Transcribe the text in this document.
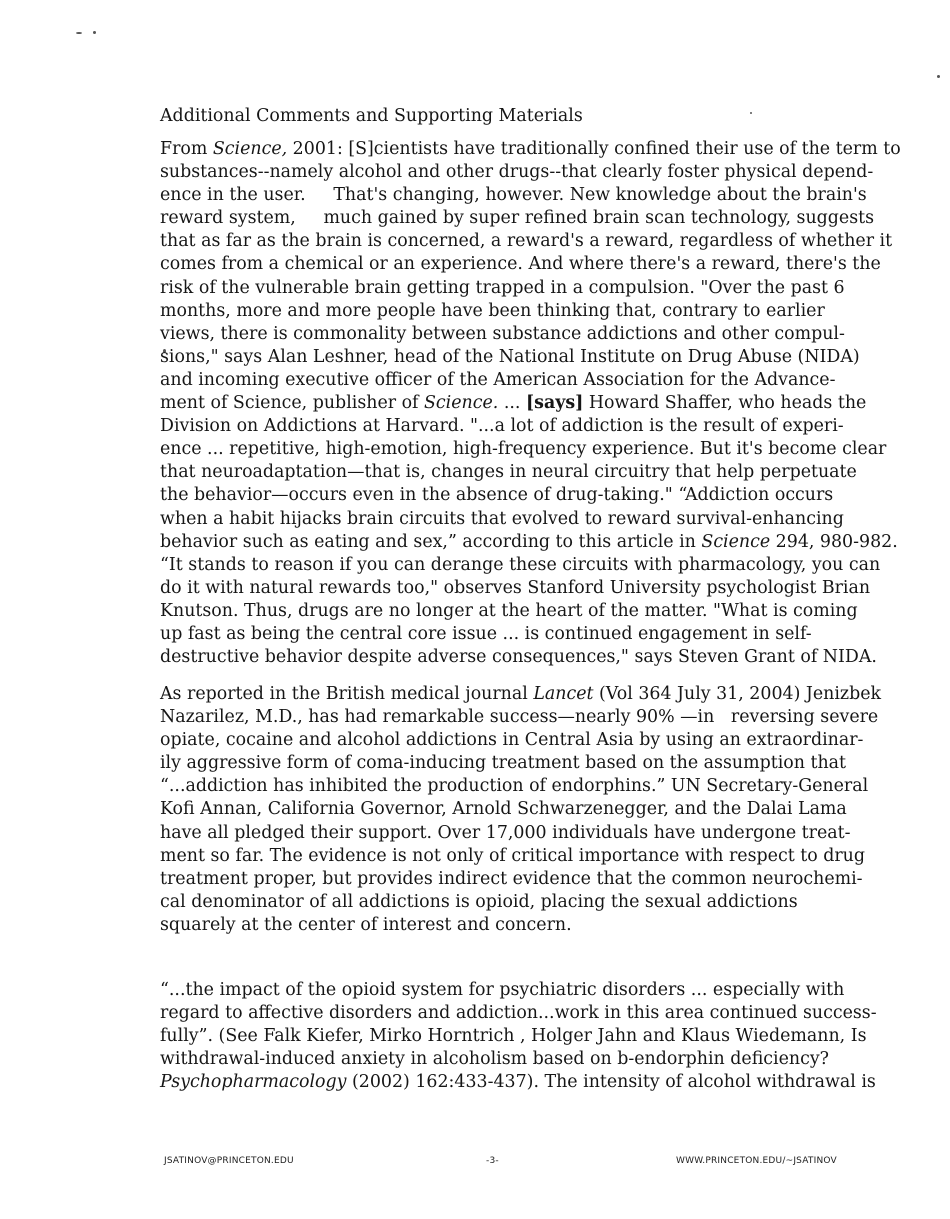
Additional Comments and Supporting Materials
From Science, 2001: [S]cientists have traditionally confined their use of the term to
substances--namely alcohol and other drugs--that clearly foster physical depend-
ence in the user.     That's changing, however. New knowledge about the brain's
reward system,     much gained by super refined brain scan technology, suggests
that as far as the brain is concerned, a reward's a reward, regardless of whether it
comes from a chemical or an experience. And where there's a reward, there's the
risk of the vulnerable brain getting trapped in a compulsion. "Over the past 6
months, more and more people have been thinking that, contrary to earlier
views, there is commonality between substance addictions and other compul-
sions," says Alan Leshner, head of the National Institute on Drug Abuse (NIDA)
and incoming executive officer of the American Association for the Advance-
ment of Science, publisher of Science. ... [says] Howard Shaffer, who heads the
Division on Addictions at Harvard. "...a lot of addiction is the result of experi-
ence ... repetitive, high-emotion, high-frequency experience. But it's become clear
that neuroadaptation—that is, changes in neural circuitry that help perpetuate
the behavior—occurs even in the absence of drug-taking." “Addiction occurs
when a habit hijacks brain circuits that evolved to reward survival-enhancing
behavior such as eating and sex,” according to this article in Science 294, 980-982.
“It stands to reason if you can derange these circuits with pharmacology, you can
do it with natural rewards too," observes Stanford University psychologist Brian
Knutson. Thus, drugs are no longer at the heart of the matter. "What is coming
up fast as being the central core issue ... is continued engagement in self-
destructive behavior despite adverse consequences," says Steven Grant of NIDA.
As reported in the British medical journal Lancet (Vol 364 July 31, 2004) Jenizbek
Nazarilez, M.D., has had remarkable success—nearly 90% —in   reversing severe
opiate, cocaine and alcohol addictions in Central Asia by using an extraordinar-
ily aggressive form of coma-inducing treatment based on the assumption that
“...addiction has inhibited the production of endorphins.” UN Secretary-General
Kofi Annan, California Governor, Arnold Schwarzenegger, and the Dalai Lama
have all pledged their support. Over 17,000 individuals have undergone treat-
ment so far. The evidence is not only of critical importance with respect to drug
treatment proper, but provides indirect evidence that the common neurochemi-
cal denominator of all addictions is opioid, placing the sexual addictions
squarely at the center of interest and concern.
“...the impact of the opioid system for psychiatric disorders ... especially with
regard to affective disorders and addiction...work in this area continued success-
fully”. (See Falk Kiefer, Mirko Horntrich , Holger Jahn and Klaus Wiedemann, Is
withdrawal-induced anxiety in alcoholism based on b-endorphin deficiency?
Psychopharmacology (2002) 162:433-437). The intensity of alcohol withdrawal is
JSATINOV@PRINCETON.EDU	-3-	WWW.PRINCETON.EDU/~JSATINOV
